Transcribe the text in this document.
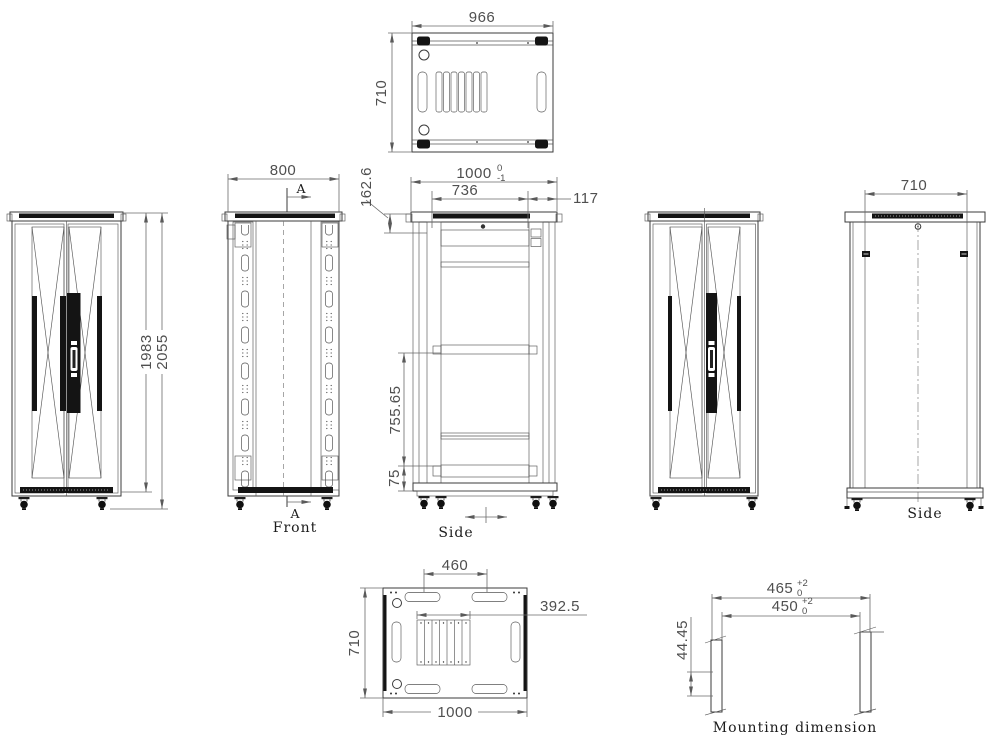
966
710
1983 2055
800
A
A
Front
1000 0
-1
736	117
162.6
755.65
75
Side
710
Side
460
392.5
710
1000
465 +2
0
450 +2
0
44.45
Mounting dimension
